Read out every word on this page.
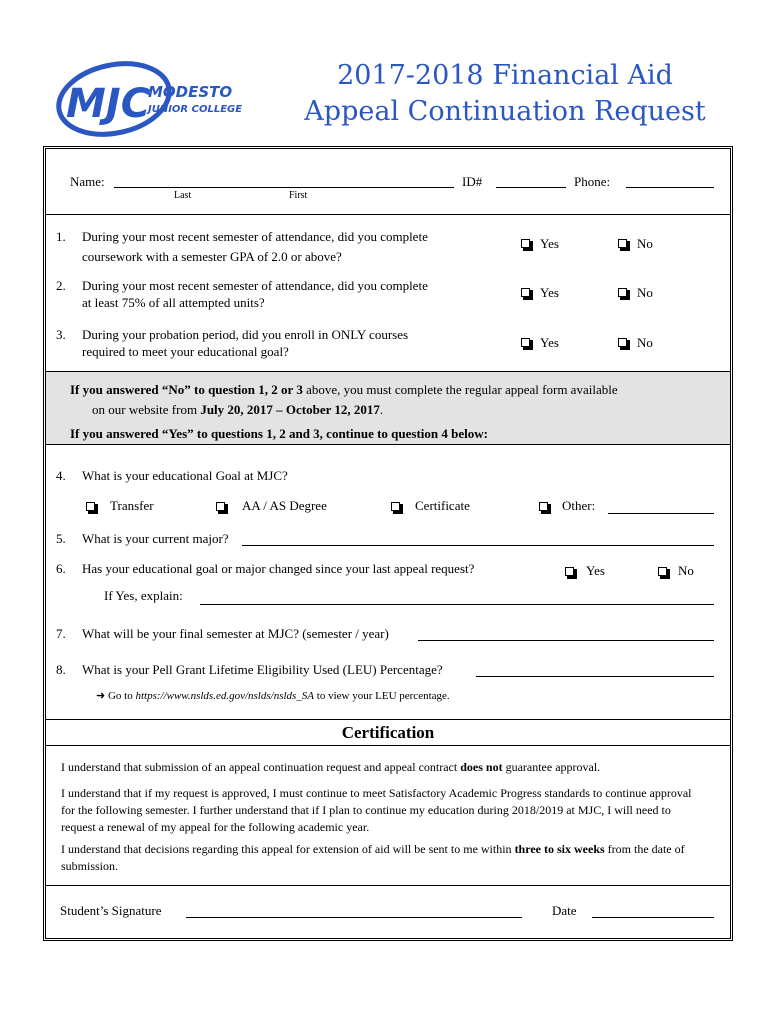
MJC
MODESTO
JUNIOR COLLEGE
2017-2018 Financial Aid
Appeal Continuation Request
Name:
Last	First
ID#	Phone:
1. During your most recent semester of attendance, did you complete
coursework with a semester GPA of 2.0 or above?
Yes	No
2. During your most recent semester of attendance, did you complete
at least 75% of all attempted units?
Yes	No
3. During your probation period, did you enroll in ONLY courses
required to meet your educational goal?
Yes	No
If you answered “No” to question 1, 2 or 3 above, you must complete the regular appeal form available
on our website from July 20, 2017 – October 12, 2017.
If you answered “Yes” to questions 1, 2 and 3, continue to question 4 below:
4. What is your educational Goal at MJC?
Transfer	AA / AS Degree	Certificate	Other:
5. What is your current major?
6. Has your educational goal or major changed since your last appeal request?	Yes	No
If Yes, explain:
7. What will be your final semester at MJC? (semester / year)
8. What is your Pell Grant Lifetime Eligibility Used (LEU) Percentage?
➜ Go to https://www.nslds.ed.gov/nslds/nslds_SA to view your LEU percentage.
Certification
I understand that submission of an appeal continuation request and appeal contract does not guarantee approval.
I understand that if my request is approved, I must continue to meet Satisfactory Academic Progress standards to continue approval for the following semester. I further understand that if I plan to continue my education during 2018/2019 at MJC, I will need to request a renewal of my appeal for the following academic year.
I understand that decisions regarding this appeal for extension of aid will be sent to me within three to six weeks from the date of submission.
Student’s Signature	Date
